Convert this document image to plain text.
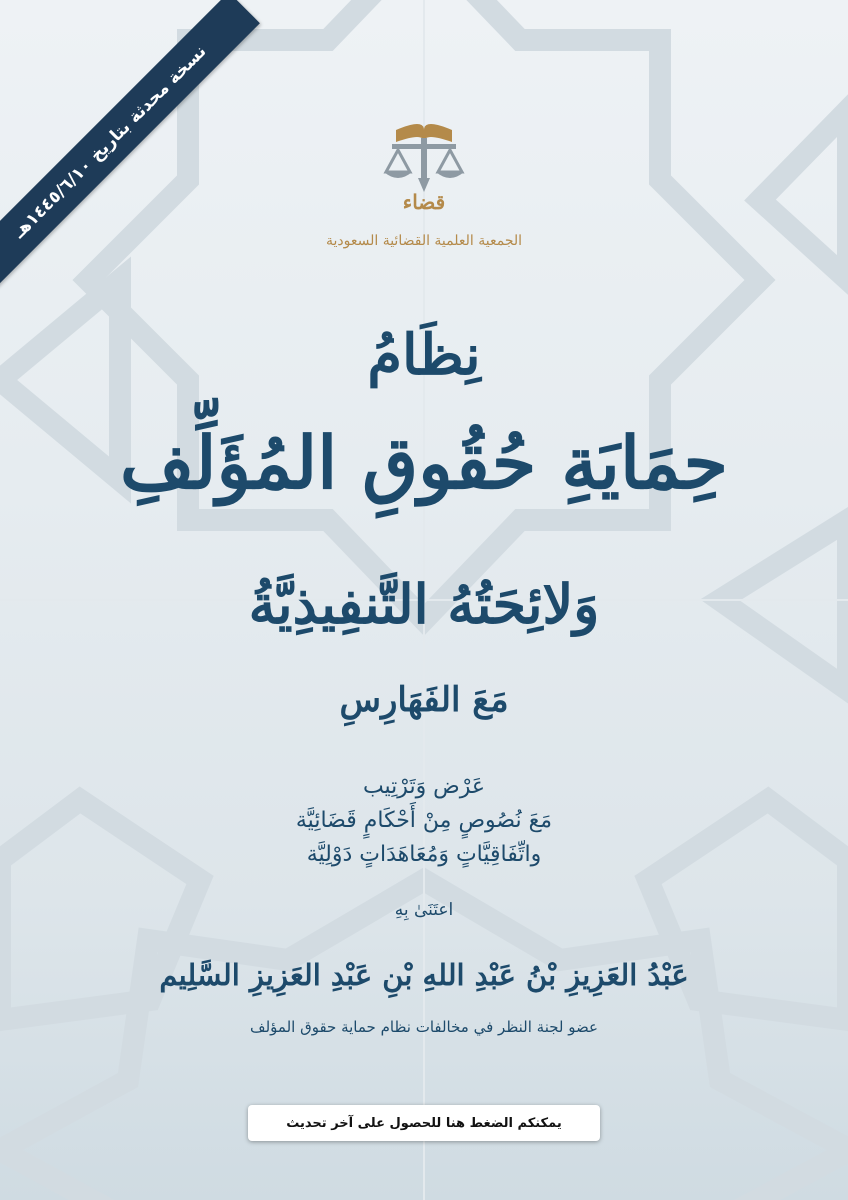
نسخة محدثة بتاريخ ١٤٤٥/٦/١٠هـ
قضاء
الجمعية العلمية القضائية السعودية
نِظَامُ
حِمَايَةِ حُقُوقِ المُؤَلِّفِ
وَلائِحَتُهُ التَّنفِيذِيَّةُ
مَعَ الفَهَارِسِ
عَرْض وَتَرْتِيب
مَعَ نُصُوصٍ مِنْ أَحْكَامٍ قَضَائِيَّة
واتِّفَاقِيَّاتٍ وَمُعَاهَدَاتٍ دَوْلِيَّة
اعتَنَىٰ بِهِ
عَبْدُ العَزِيزِ بْنُ عَبْدِ اللهِ بْنِ عَبْدِ العَزِيزِ السَّلِيم
عضو لجنة النظر في مخالفات نظام حماية حقوق المؤلف
يمكنكم الضغط هنا للحصول على آخر تحديث
